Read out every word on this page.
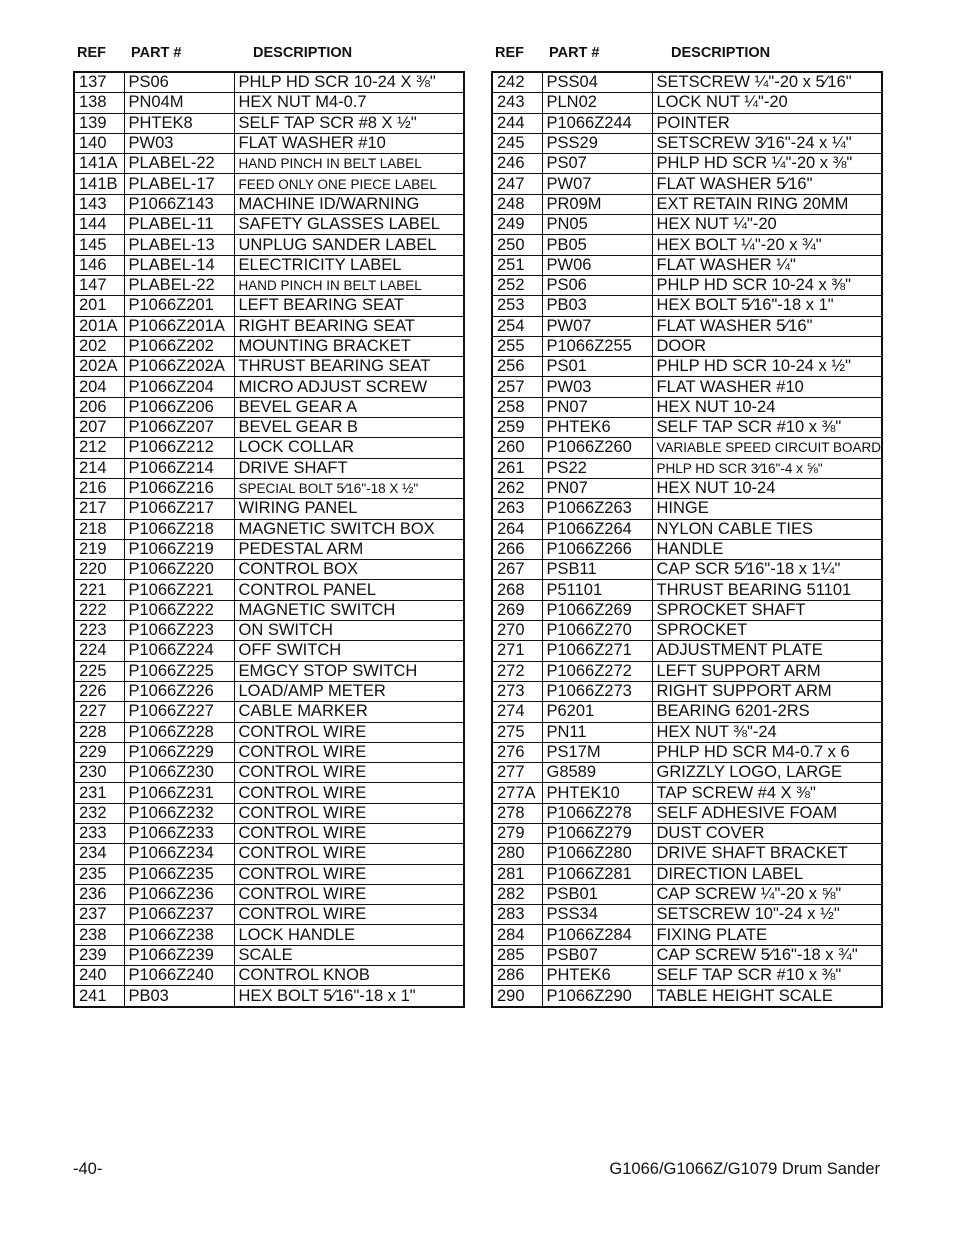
REF PART #	DESCRIPTION
137	PS06	PHLP HD SCR 10-24 X ⅜"
138	PN04M	HEX NUT M4-0.7
139	PHTEK8	SELF TAP SCR #8 X ½"
140	PW03	FLAT WASHER #10
141A	PLABEL-22	HAND PINCH IN BELT LABEL
141B	PLABEL-17	FEED ONLY ONE PIECE LABEL
143	P1066Z143	MACHINE ID/WARNING
144	PLABEL-11	SAFETY GLASSES LABEL
145	PLABEL-13	UNPLUG SANDER LABEL
146	PLABEL-14	ELECTRICITY LABEL
147	PLABEL-22	HAND PINCH IN BELT LABEL
201	P1066Z201	LEFT BEARING SEAT
201A	P1066Z201A	RIGHT BEARING SEAT
202	P1066Z202	MOUNTING BRACKET
202A	P1066Z202A	THRUST BEARING SEAT
204	P1066Z204	MICRO ADJUST SCREW
206	P1066Z206	BEVEL GEAR A
207	P1066Z207	BEVEL GEAR B
212	P1066Z212	LOCK COLLAR
214	P1066Z214	DRIVE SHAFT
216	P1066Z216	SPECIAL BOLT 5⁄16"-18 X ½"
217	P1066Z217	WIRING PANEL
218	P1066Z218	MAGNETIC SWITCH BOX
219	P1066Z219	PEDESTAL ARM
220	P1066Z220	CONTROL BOX
221	P1066Z221	CONTROL PANEL
222	P1066Z222	MAGNETIC SWITCH
223	P1066Z223	ON SWITCH
224	P1066Z224	OFF SWITCH
225	P1066Z225	EMGCY STOP SWITCH
226	P1066Z226	LOAD/AMP METER
227	P1066Z227	CABLE MARKER
228	P1066Z228	CONTROL WIRE
229	P1066Z229	CONTROL WIRE
230	P1066Z230	CONTROL WIRE
231	P1066Z231	CONTROL WIRE
232	P1066Z232	CONTROL WIRE
233	P1066Z233	CONTROL WIRE
234	P1066Z234	CONTROL WIRE
235	P1066Z235	CONTROL WIRE
236	P1066Z236	CONTROL WIRE
237	P1066Z237	CONTROL WIRE
238	P1066Z238	LOCK HANDLE
239	P1066Z239	SCALE
240	P1066Z240	CONTROL KNOB
241	PB03	HEX BOLT 5⁄16"-18 x 1"
REF PART #	DESCRIPTION
242	PSS04	SETSCREW ¼"-20 x 5⁄16"
243	PLN02	LOCK NUT ¼"-20
244	P1066Z244	POINTER
245	PSS29	SETSCREW 3⁄16"-24 x ¼"
246	PS07	PHLP HD SCR ¼"-20 x ⅜"
247	PW07	FLAT WASHER 5⁄16"
248	PR09M	EXT RETAIN RING 20MM
249	PN05	HEX NUT ¼"-20
250	PB05	HEX BOLT ¼"-20 x ¾"
251	PW06	FLAT WASHER ¼"
252	PS06	PHLP HD SCR 10-24 x ⅜"
253	PB03	HEX BOLT 5⁄16"-18 x 1"
254	PW07	FLAT WASHER 5⁄16"
255	P1066Z255	DOOR
256	PS01	PHLP HD SCR 10-24 x ½"
257	PW03	FLAT WASHER #10
258	PN07	HEX NUT 10-24
259	PHTEK6	SELF TAP SCR #10 x ⅜"
260	P1066Z260	VARIABLE SPEED CIRCUIT BOARD
261	PS22	PHLP HD SCR 3⁄16"-4 x ⅝"
262	PN07	HEX NUT 10-24
263	P1066Z263	HINGE
264	P1066Z264	NYLON CABLE TIES
266	P1066Z266	HANDLE
267	PSB11	CAP SCR 5⁄16"-18 x 1¼"
268	P51101	THRUST BEARING 51101
269	P1066Z269	SPROCKET SHAFT
270	P1066Z270	SPROCKET
271	P1066Z271	ADJUSTMENT PLATE
272	P1066Z272	LEFT SUPPORT ARM
273	P1066Z273	RIGHT SUPPORT ARM
274	P6201	BEARING 6201-2RS
275	PN11	HEX NUT ⅜"-24
276	PS17M	PHLP HD SCR M4-0.7 x 6
277	G8589	GRIZZLY LOGO, LARGE
277A	PHTEK10	TAP SCREW #4 X ⅜"
278	P1066Z278	SELF ADHESIVE FOAM
279	P1066Z279	DUST COVER
280	P1066Z280	DRIVE SHAFT BRACKET
281	P1066Z281	DIRECTION LABEL
282	PSB01	CAP SCREW ¼"-20 x ⅝"
283	PSS34	SETSCREW 10"-24 x ½"
284	P1066Z284	FIXING PLATE
285	PSB07	CAP SCREW 5⁄16"-18 x ¾"
286	PHTEK6	SELF TAP SCR #10 x ⅜"
290	P1066Z290	TABLE HEIGHT SCALE
-40-	G1066/G1066Z/G1079 Drum Sander
